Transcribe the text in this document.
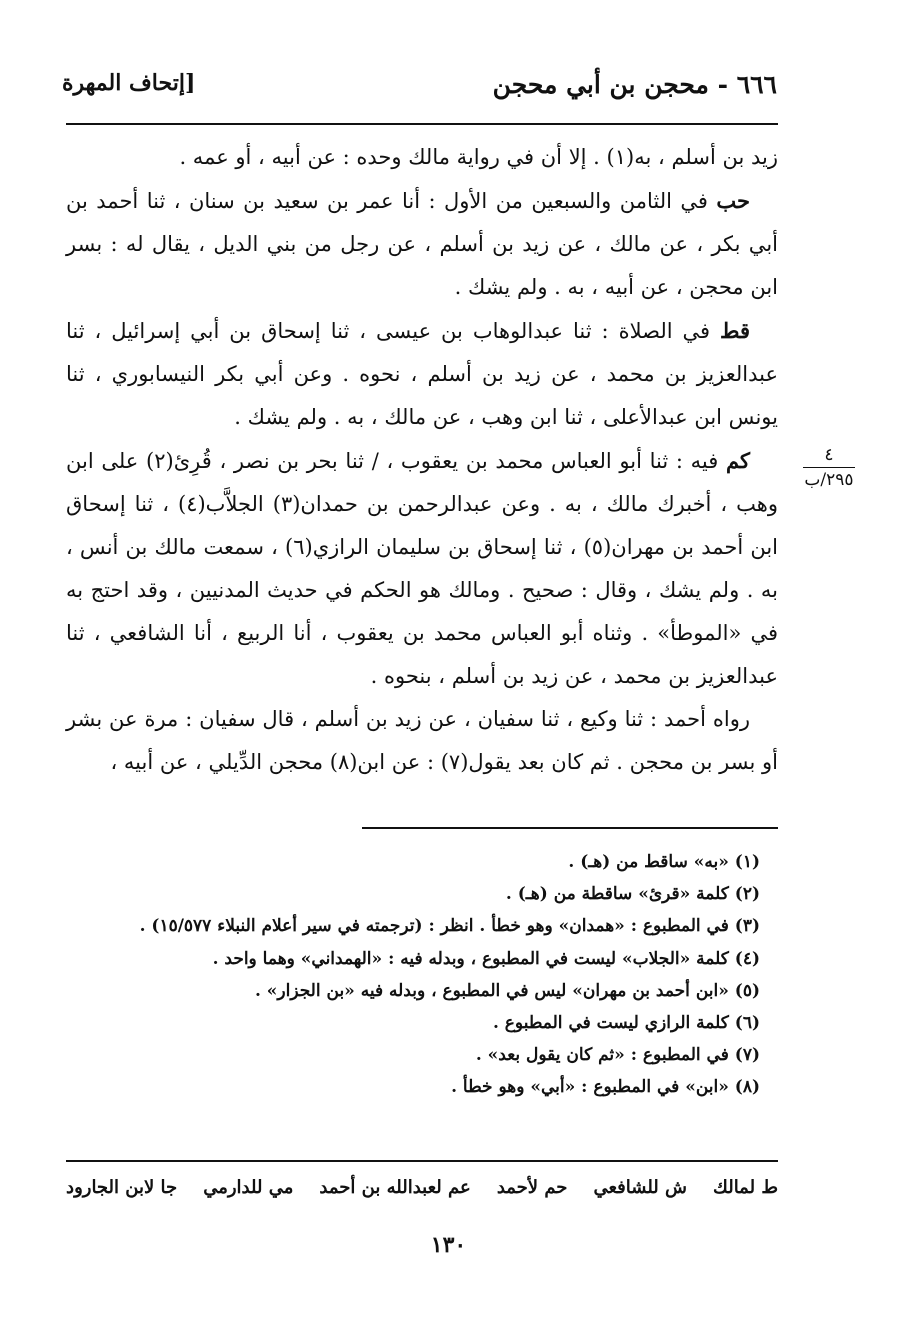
٦٦٦ - محجن بن أبي محجن
[إتحاف المهرة
٤
٢٩٥/ب

زيد بن أسلم ، به(١) . إلا أن في رواية مالك وحده : عن أبيه ، أو عمه .

حب في الثامن والسبعين من الأول : أنا عمر بن سعيد بن سنان ، ثنا أحمد بن أبي بكر ، عن مالك ، عن زيد بن أسلم ، عن رجل من بني الديل ، يقال له : بسر ابن محجن ، عن أبيه ، به . ولم يشك .

قط في الصلاة : ثنا عبدالوهاب بن عيسى ، ثنا إسحاق بن أبي إسرائيل ، ثنا عبدالعزيز بن محمد ، عن زيد بن أسلم ، نحوه . وعن أبي بكر النيسابوري ، ثنا يونس ابن عبدالأعلى ، ثنا ابن وهب ، عن مالك ، به . ولم يشك .

كم فيه : ثنا أبو العباس محمد بن يعقوب ، / ثنا بحر بن نصر ، قُرِئ(٢) على ابن وهب ، أخبرك مالك ، به . وعن عبدالرحمن بن حمدان(٣) الجلاَّب(٤) ، ثنا إسحاق ابن أحمد بن مهران(٥) ، ثنا إسحاق بن سليمان الرازي(٦) ، سمعت مالك بن أنس ، به . ولم يشك ، وقال : صحيح . ومالك هو الحكم في حديث المدنيين ، وقد احتج به في «الموطأ» . وثناه أبو العباس محمد بن يعقوب ، أنا الربيع ، أنا الشافعي ، ثنا عبدالعزيز بن محمد ، عن زيد بن أسلم ، بنحوه .

رواه أحمد : ثنا وكيع ، ثنا سفيان ، عن زيد بن أسلم ، قال سفيان : مرة عن بشر أو بسر بن محجن . ثم كان بعد يقول(٧) : عن ابن(٨) محجن الدِّيلي ، عن أبيه ،

(١) «به» ساقط من (هـ) .
(٢) كلمة «قرئ» ساقطة من (هـ) .
(٣) في المطبوع : «همدان» وهو خطأ . انظر : (ترجمته في سير أعلام النبلاء ١٥/٥٧٧) .
(٤) كلمة «الجلاب» ليست في المطبوع ، وبدله فيه : «الهمداني» وهما واحد .
(٥) «ابن أحمد بن مهران» ليس في المطبوع ، وبدله فيه «بن الجزار» .
(٦) كلمة الرازي ليست في المطبوع .
(٧) في المطبوع : «ثم كان يقول بعد» .
(٨) «ابن» في المطبوع : «أبي» وهو خطأ .
ط لمالك
ش للشافعي
حم لأحمد
عم لعبدالله بن أحمد
مي للدارمي
جا لابن الجارود
١٣٠
